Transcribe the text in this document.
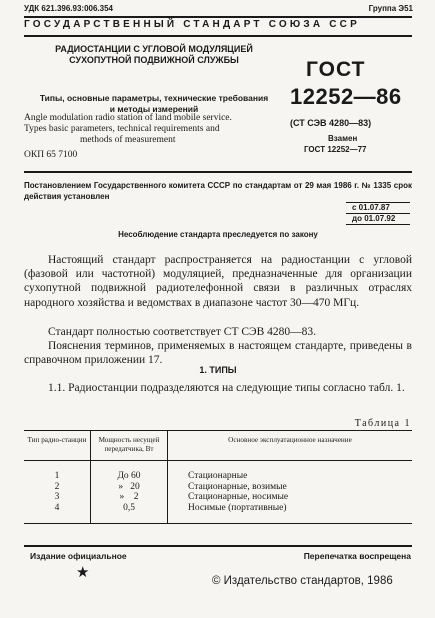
УДК 621.396.93:006.354	Группа Э51
ГОСУДАРСТВЕННЫЙ СТАНДАРТ СОЮЗА ССР
РАДИОСТАНЦИИ С УГЛОВОЙ МОДУЛЯЦИЕЙ
СУХОПУТНОЙ ПОДВИЖНОЙ СЛУЖБЫ
Типы, основные параметры, технические требования
и методы измерений
Angle modulation radio station of land mobile service.
Types basic parameters, technical requirements and
methods of measurement
ОКП 65 7100
ГОСТ
12252—86
(СТ СЭВ 4280—83)
Взамен
ГОСТ 12252—77
Постановлением Государственного комитета СССР по стандартам от 29 мая 1986 г. № 1335 срок действия установлен
с 01.07.87
до 01.07.92
Несоблюдение стандарта преследуется по закону

Настоящий стандарт распространяется на радиостанции с угловой (фазовой или частотной) модуляцией, предназначенные для организации сухопутной подвижной радиотелефонной связи в различных отраслях народного хозяйства и ведомствах в диапазоне частот 30—470 МГц.

Стандарт полностью соответствует СТ СЭВ 4280—83.

Пояснения терминов, применяемых в настоящем стандарте, приведены в справочном приложении 17.

1. ТИПЫ

1.1. Радиостанции подразделяются на следующие типы согласно табл. 1.

Таблица 1
Тип радио-станции	Мощность несущей передатчика, Вт	Основное эксплуатационное назначение
1	До 60	Стационарные
2	»   20	Стационарные, возимые
3	»    2	Стационарные, носимые
4	0,5	Носимые (портативные)
Издание официальное	Перепечатка воспрещена
★	© Издательство стандартов, 1986
